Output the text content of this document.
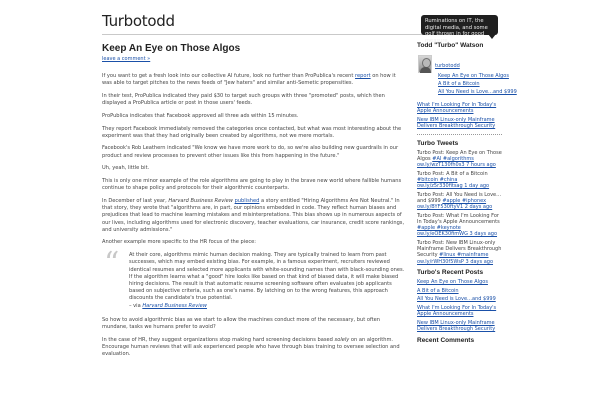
Turbotodd	Ruminations on IT, the digital media, and some golf thrown in for good measure.
Keep An Eye on Those Algos
leave a comment »

If you want to get a fresh look into our collective AI future, look no further than ProPublica's recent report on how it was able to target pitches to the news feeds of "Jew haters" and similar anti-Semetic propensities.

In their test, ProPublica indicated they paid $30 to target such groups with three "promoted" posts, which then displayed a ProPublica article or post in those users' feeds.

ProPublica indicates that Facebook approved all three ads within 15 minutes.

They report Facebook immediately removed the categories once contacted, but what was most interesting about the experiment was that they had originally been created by algorithms, not we mere mortals.

Facebook's Rob Leathern indicated "We know we have more work to do, so we're also building new guardrails in our product and review processes to prevent other issues like this from happening in the future."

Uh, yeah, little bit.

This is only one minor example of the role algorithms are going to play in the brave new world where fallible humans continue to shape policy and protocols for their algorithmic counterparts.

In December of last year, Harvard Business Review published a story entitled "Hiring Algorithms Are Not Neutral." In that story, they wrote that "algorithms are, in part, our opinions embedded in code. They reflect human biases and prejudices that lead to machine learning mistakes and misinterpretations. This bias shows up in numerous aspects of our lives, including algorithms used for electronic discovery, teacher evaluations, car insurance, credit score rankings, and university admissions."

Another example more specific to the HR focus of the piece:

“ At their core, algorithms mimic human decision making. They are typically trained to learn from past successes, which may embed existing bias. For example, in a famous experiment, recruiters reviewed identical resumes and selected more applicants with white-sounding names than with black-sounding ones. If the algorithm learns what a "good" hire looks like based on that kind of biased data, it will make biased hiring decisions. The result is that automatic resume screening software often evaluates job applicants based on subjective criteria, such as one's name. By latching on to the wrong features, this approach discounts the candidate's true potential.

– via Harvard Business Review

So how to avoid algorithmic bias as we start to allow the machines conduct more of the necessary, but often mundane, tasks we humans prefer to avoid?

In the case of HR, they suggest organizations stop making hard screening decisions based solely on an algorithm. Encourage human reviews that will ask experienced people who have through bias training to oversee selection and evaluation.

Todd "Turbo" Watson
turbotodd
Keep An Eye on Those Algos
A Bit of a Bitcoin
All You Need is Love…and $999
What I'm Looking For In Today's Apple Announcements
New IBM Linux-only Mainframe Delivers Breakthrough Security
Turbo Tweets
Turbo Post: Keep An Eye on Those Algos #AI #algorithms ow.ly/wzT130fh0s3 7 hours ago
Turbo Post: A Bit of a Bitcoin #bitcoin #china ow.ly/z5r330fitsag 1 day ago
Turbo Post: All You Need is Love…and $999 #apple #iphonex ow.ly/BYF530ftyV1 2 days ago
Turbo Post: What I'm Looking For In Today's Apple Announcements #apple #keynote ow.ly/eOEK30fimWG 3 days ago
Turbo Post: New IBM Linux-only Mainframe Delivers Breakthrough Security #linux #mainframe ow.ly/rWH30f5WsP 3 days ago
Turbo's Recent Posts
Keep An Eye on Those Algos
A Bit of a Bitcoin
All You Need is Love…and $999
What I'm Looking For In Today's Apple Announcements
New IBM Linux-only Mainframe Delivers Breakthrough Security
Recent Comments
